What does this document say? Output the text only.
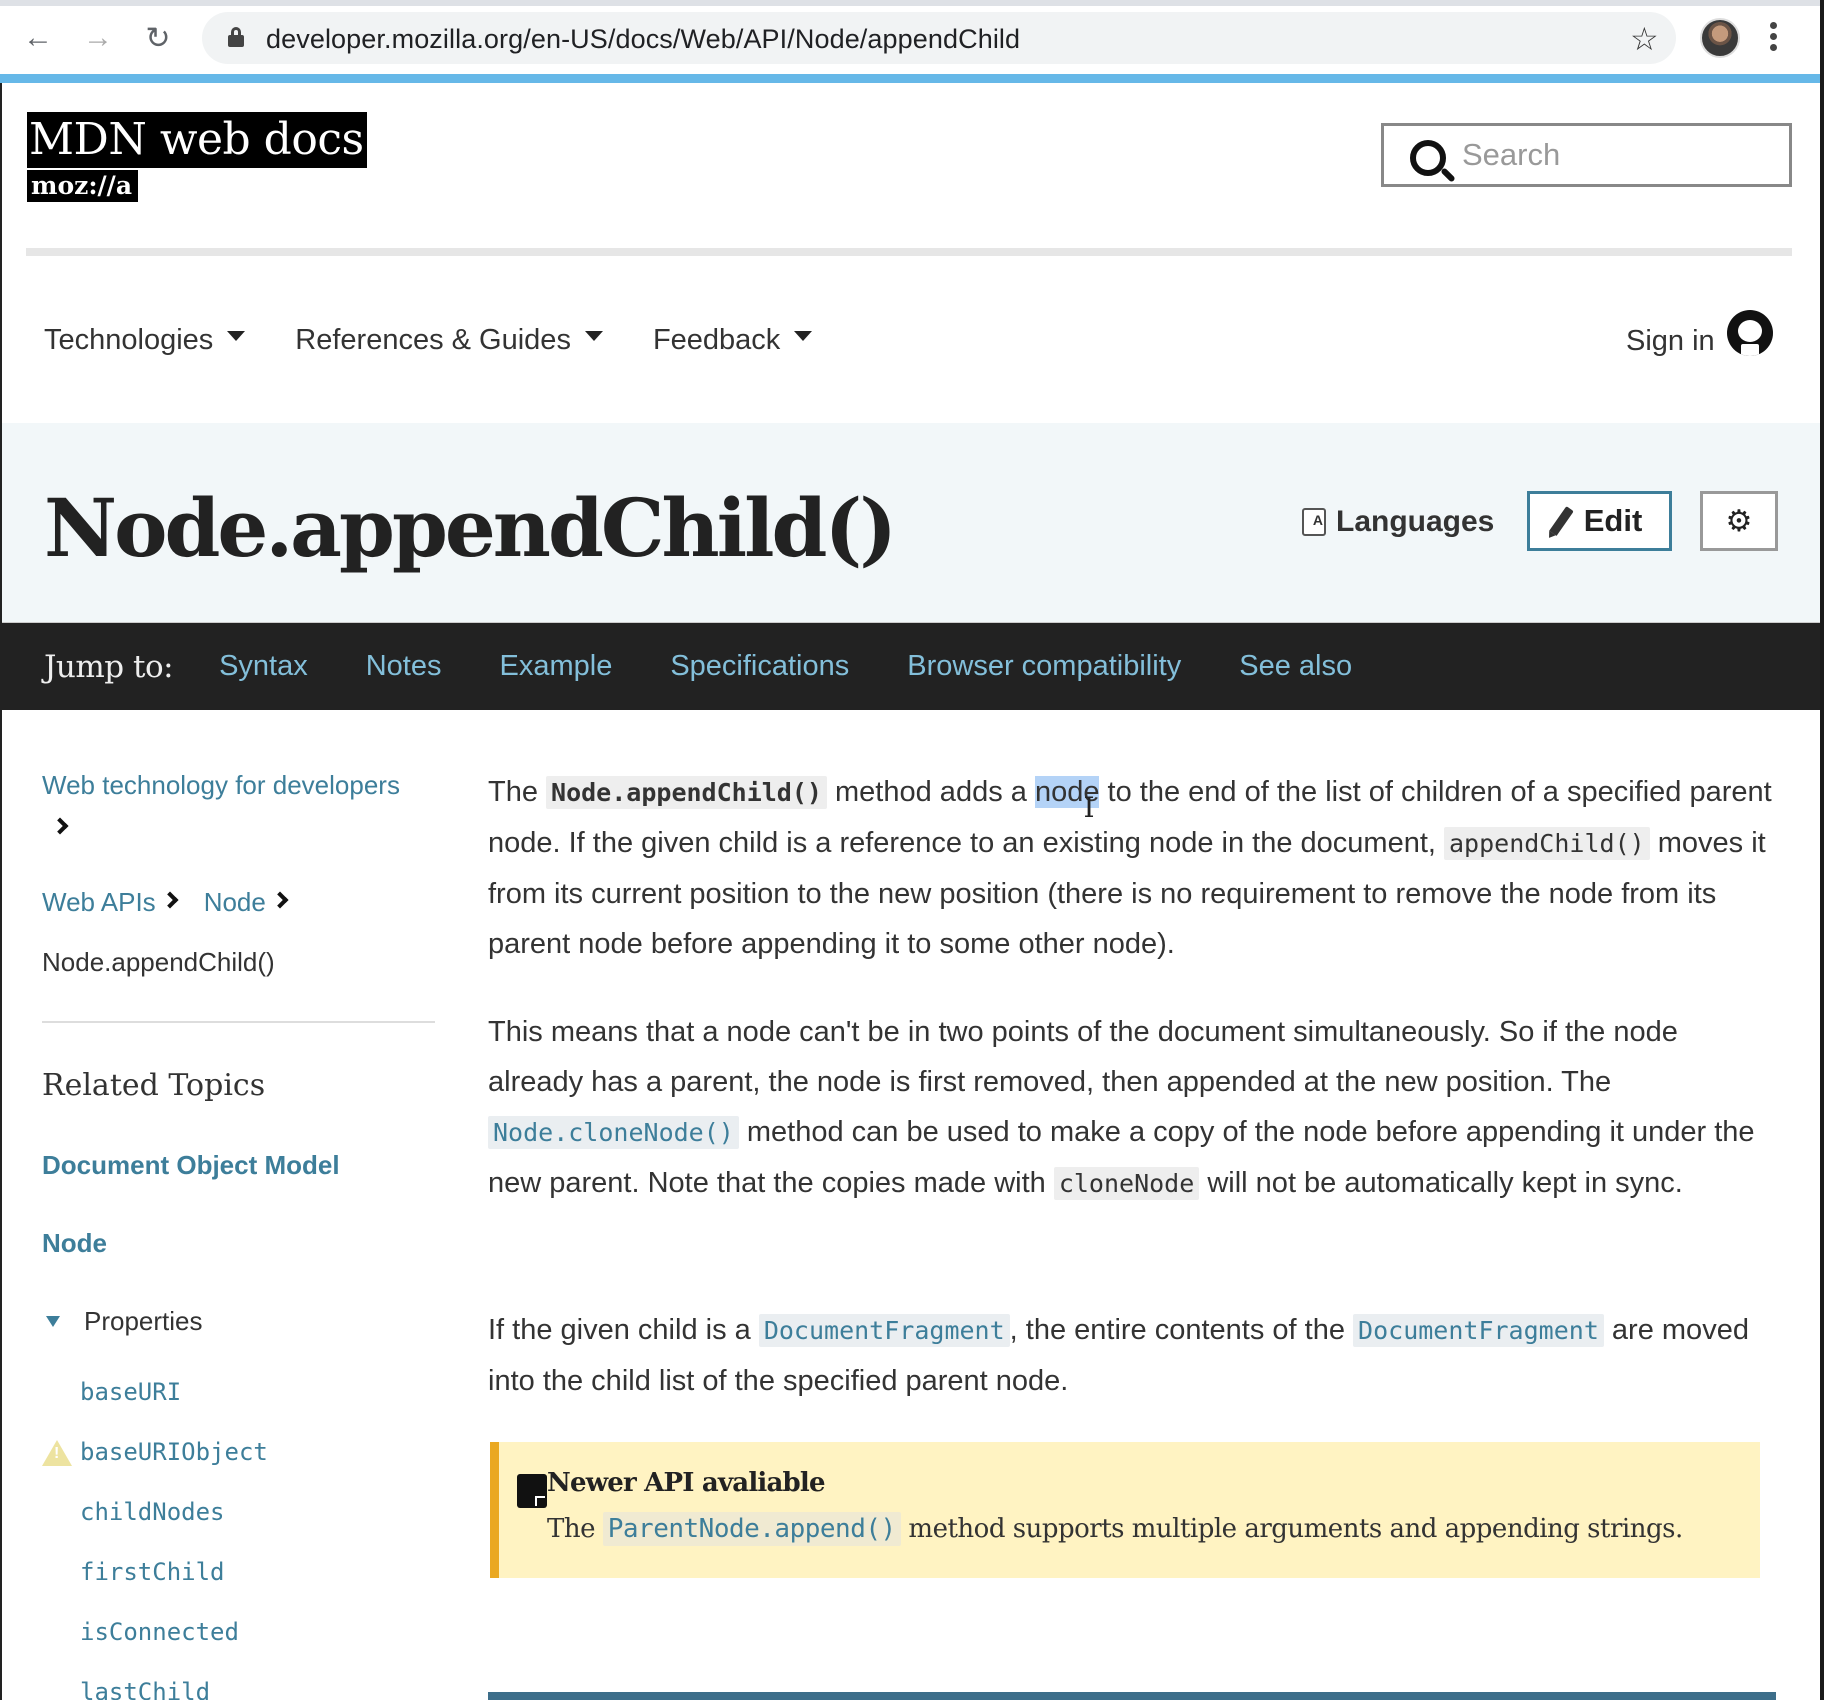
← → ↻	developer.mozilla.org/en-US/docs/Web/API/Node/appendChild	☆
MDN web docs
moz://a
Search
Technologies	References & Guides	Feedback	Sign in
Node.appendChild() A	Languages	Edit	⚙
Jump to: Syntax Notes Example Specifications Browser compatibility See also
Web technology for developers
Web APIs Node
Node.appendChild()
Related Topics
Document Object Model
Node
Properties
baseURI
!
baseURIObject
childNodes
firstChild
isConnected
lastChild

The Node.appendChild() method adds a node to the end of the list of children of a specified parent node. If the given child is a reference to an existing node in the document, appendChild() moves it from its current position to the new position (there is no requirement to remove the node from its parent node before appending it to some other node).

This means that a node can't be in two points of the document simultaneously. So if the node already has a parent, the node is first removed, then appended at the new position. The Node.cloneNode() method can be used to make a copy of the node before appending it under the new parent. Note that the copies made with cloneNode will not be automatically kept in sync.

If the given child is a DocumentFragment , the entire contents of the DocumentFragment are moved into the child list of the specified parent node.

Newer API avaliable
The ParentNode.append() method supports multiple arguments and appending strings.
